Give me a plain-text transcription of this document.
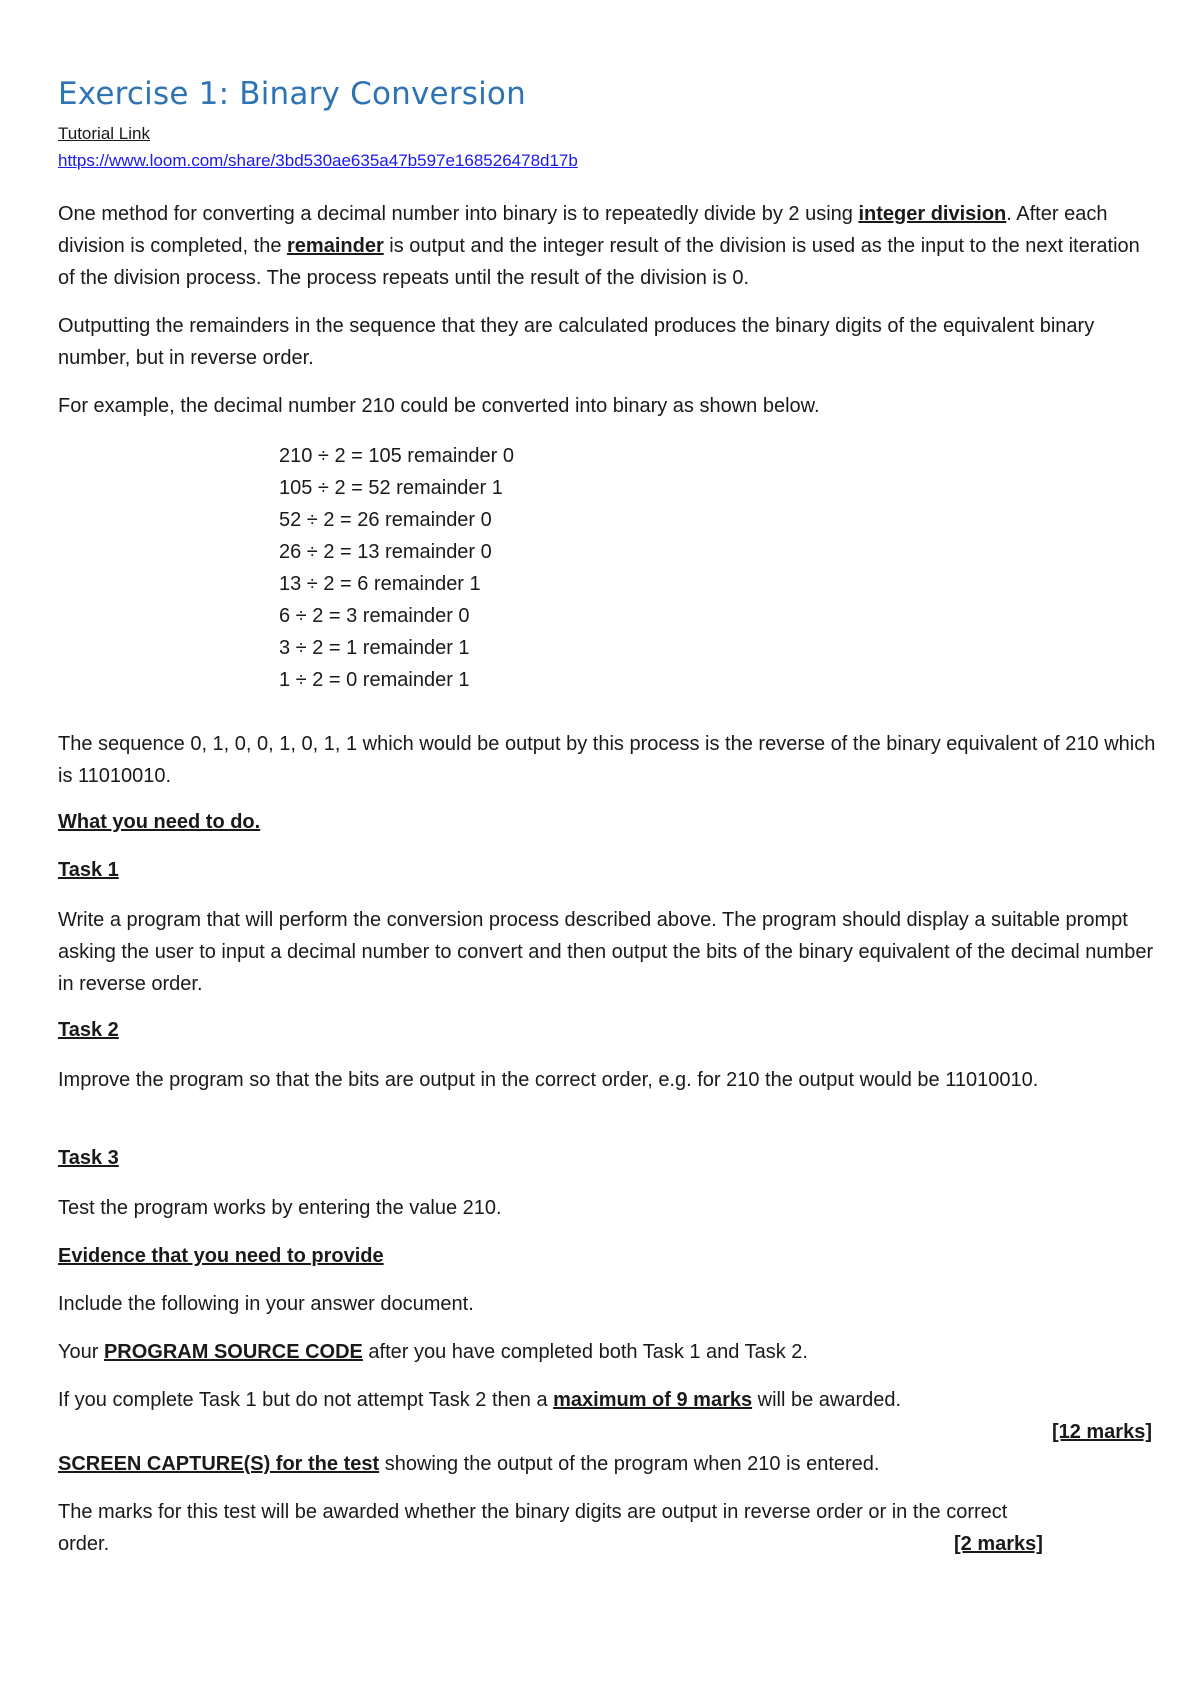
Exercise 1: Binary Conversion
Tutorial Link
https://www.loom.com/share/3bd530ae635a47b597e168526478d17b

One method for converting a decimal number into binary is to repeatedly divide by 2 using integer division. After each division is completed, the remainder is output and the integer result of the division is used as the input to the next iteration of the division process. The process repeats until the result of the division is 0.

Outputting the remainders in the sequence that they are calculated produces the binary digits of the equivalent binary number, but in reverse order.

For example, the decimal number 210 could be converted into binary as shown below.

210 ÷ 2 = 105 remainder 0
105 ÷ 2 = 52 remainder 1
52 ÷ 2 = 26 remainder 0
26 ÷ 2 = 13 remainder 0
13 ÷ 2 = 6 remainder 1
6 ÷ 2 = 3 remainder 0
3 ÷ 2 = 1 remainder 1
1 ÷ 2 = 0 remainder 1

The sequence 0, 1, 0, 0, 1, 0, 1, 1 which would be output by this process is the reverse of the binary equivalent of 210 which is 11010010.

What you need to do.
Task 1

Write a program that will perform the conversion process described above. The program should display a suitable prompt asking the user to input a decimal number to convert and then output the bits of the binary equivalent of the decimal number in reverse order.

Task 2

Improve the program so that the bits are output in the correct order, e.g. for 210 the output would be 11010010.

Task 3

Test the program works by entering the value 210.

Evidence that you need to provide

Include the following in your answer document.

Your PROGRAM SOURCE CODE after you have completed both Task 1 and Task 2.

If you complete Task 1 but do not attempt Task 2 then a maximum of 9 marks will be awarded.

[12 marks]

SCREEN CAPTURE(S) for the test showing the output of the program when 210 is entered.

The marks for this test will be awarded whether the binary digits are output in reverse order or in the correct

order.	[2 marks]
